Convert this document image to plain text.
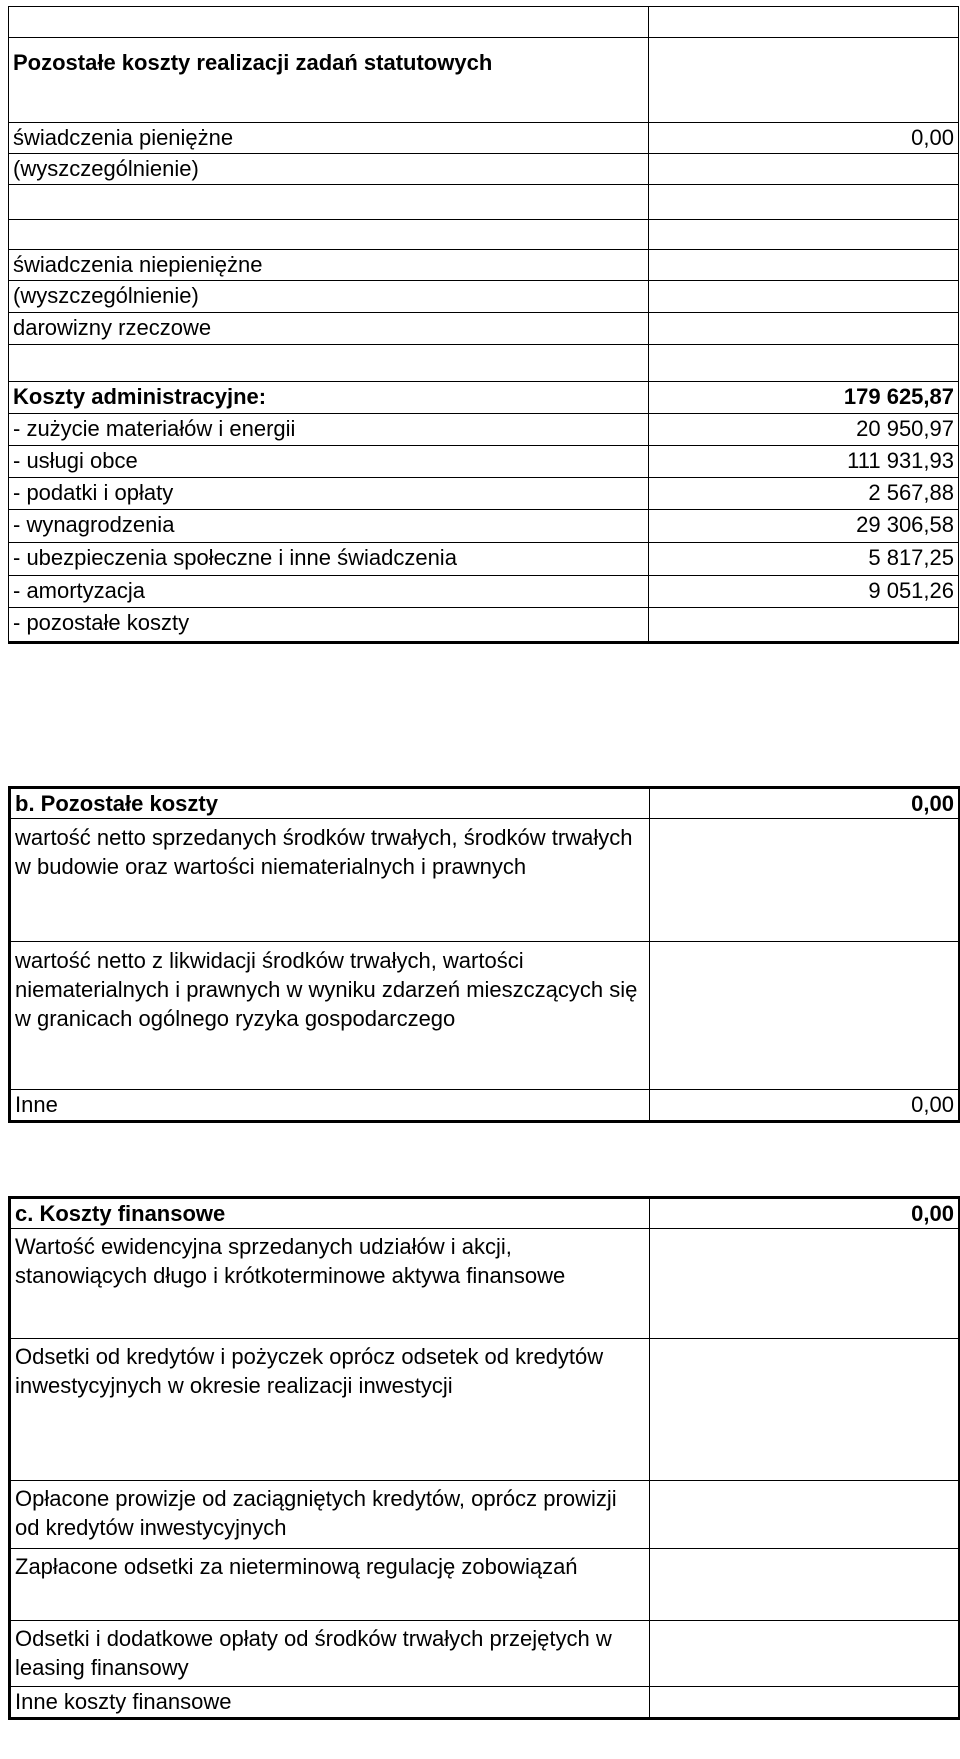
Pozostałe koszty realizacji zadań statutowych	
świadczenia pieniężne	0,00
(wyszczególnienie)	

świadczenia niepieniężne	
(wyszczególnienie)	
darowizny rzeczowe	

Koszty administracyjne:	179 625,87
- zużycie materiałów i energii	20 950,97
- usługi obce	111 931,93
- podatki i opłaty	2 567,88
- wynagrodzenia	29 306,58
- ubezpieczenia społeczne i inne świadczenia	5 817,25
- amortyzacja	9 051,26
- pozostałe koszty	
b. Pozostałe koszty	0,00
wartość netto sprzedanych środków trwałych, środków trwałych w budowie oraz wartości niematerialnych i prawnych	
wartość netto z likwidacji środków trwałych, wartości niematerialnych i prawnych w wyniku zdarzeń mieszczących się w granicach ogólnego ryzyka gospodarczego	
Inne	0,00
c. Koszty finansowe	0,00
Wartość ewidencyjna sprzedanych udziałów i akcji, stanowiących długo i krótkoterminowe aktywa finansowe	
Odsetki od kredytów i pożyczek oprócz odsetek od kredytów inwestycyjnych w okresie realizacji inwestycji	
Opłacone prowizje od zaciągniętych kredytów, oprócz prowizji od kredytów inwestycyjnych	
Zapłacone odsetki za nieterminową regulację zobowiązań	
Odsetki i dodatkowe opłaty od środków trwałych przejętych w leasing finansowy	
Inne koszty finansowe	
